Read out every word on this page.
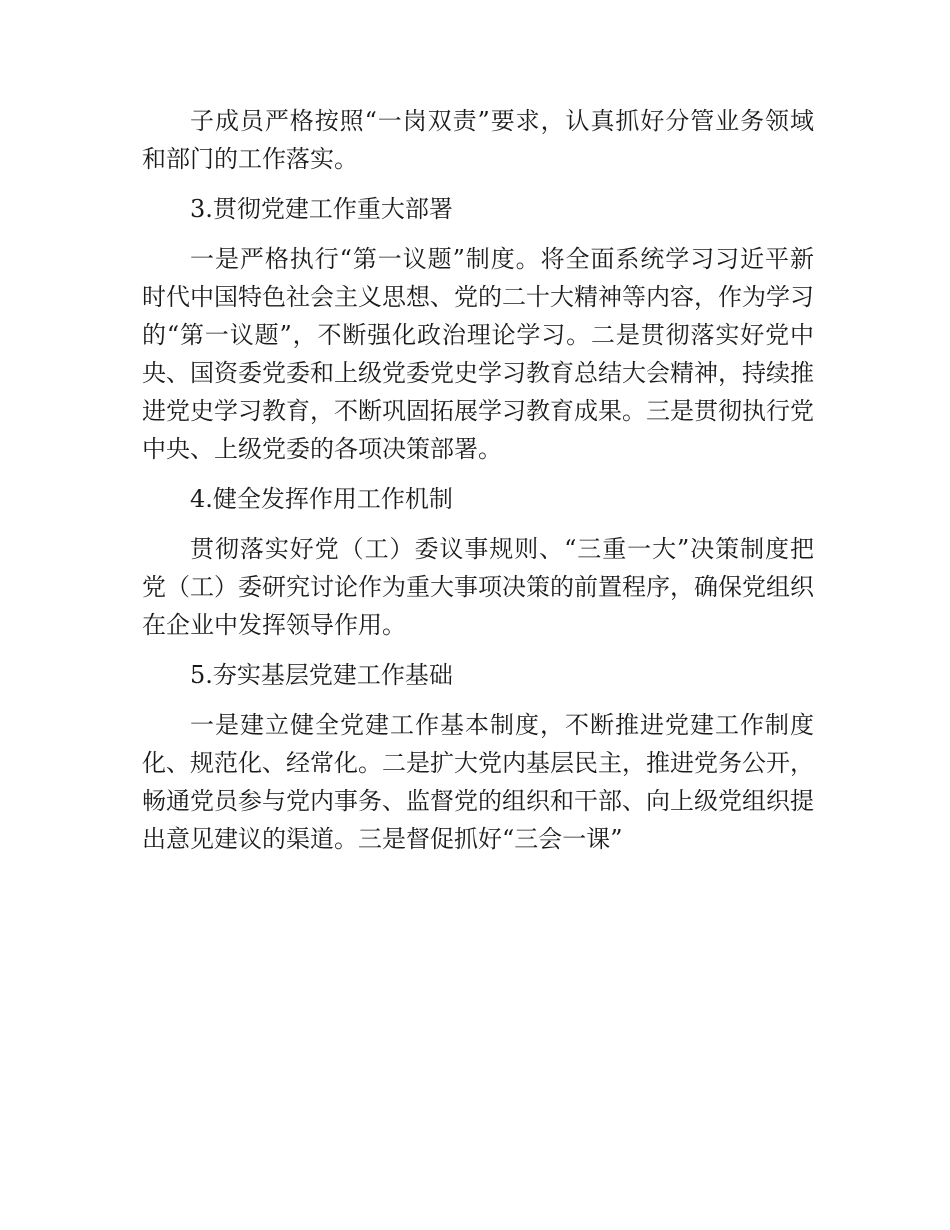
子成员严格按照“一岗双责”要求，认真抓好分管业务领域和部门的工作落实。

3.贯彻党建工作重大部署

一是严格执行“第一议题”制度。将全面系统学习习近平新时代中国特色社会主义思想、党的二十大精神等内容，作为学习的“第一议题”，不断强化政治理论学习。二是贯彻落实好党中央、国资委党委和上级党委党史学习教育总结大会精神，持续推进党史学习教育，不断巩固拓展学习教育成果。三是贯彻执行党中央、上级党委的各项决策部署。

4.健全发挥作用工作机制

贯彻落实好党（工）委议事规则、“三重一大”决策制度把党（工）委研究讨论作为重大事项决策的前置程序，确保党组织在企业中发挥领导作用。

5.夯实基层党建工作基础

一是建立健全党建工作基本制度，不断推进党建工作制度化、规范化、经常化。二是扩大党内基层民主，推进党务公开，畅通党员参与党内事务、监督党的组织和干部、向上级党组织提出意见建议的渠道。三是督促抓好“三会一课”
